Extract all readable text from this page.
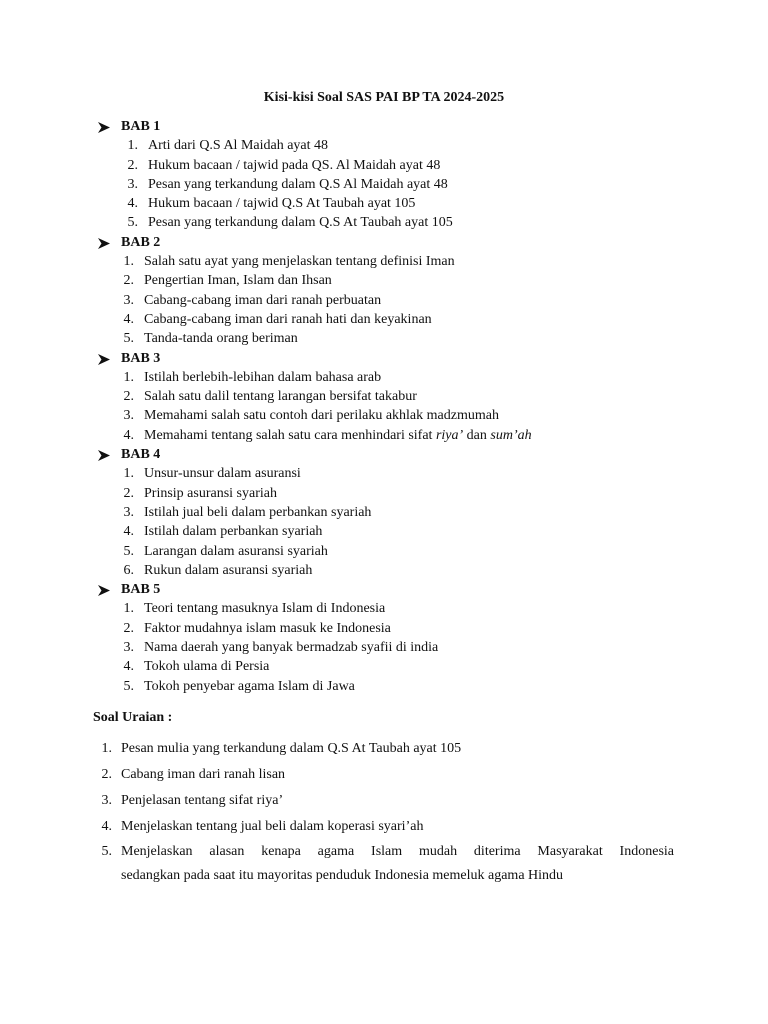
Kisi-kisi Soal SAS PAI BP TA 2024-2025
BAB 1
1. Arti dari Q.S Al Maidah ayat 48
2. Hukum bacaan / tajwid pada QS. Al Maidah ayat 48
3. Pesan yang terkandung dalam Q.S Al Maidah ayat 48
4. Hukum bacaan / tajwid Q.S At Taubah ayat 105
5. Pesan yang terkandung dalam Q.S At Taubah ayat 105
BAB 2
1. Salah satu ayat yang menjelaskan tentang definisi Iman
2. Pengertian Iman, Islam dan Ihsan
3. Cabang-cabang iman dari ranah perbuatan
4. Cabang-cabang iman dari ranah hati dan keyakinan
5. Tanda-tanda orang beriman
BAB 3
1. Istilah berlebih-lebihan dalam bahasa arab
2. Salah satu dalil tentang larangan bersifat takabur
3. Memahami salah satu contoh dari perilaku akhlak madzmumah
4. Memahami tentang salah satu cara menhindari sifat riya’ dan sum’ah
BAB 4
1. Unsur-unsur dalam asuransi
2. Prinsip asuransi syariah
3. Istilah jual beli dalam perbankan syariah
4. Istilah dalam perbankan syariah
5. Larangan dalam asuransi syariah
6. Rukun dalam asuransi syariah
BAB 5
1. Teori tentang masuknya Islam di Indonesia
2. Faktor mudahnya islam masuk ke Indonesia
3. Nama daerah yang banyak bermadzab syafii di india
4. Tokoh ulama di Persia
5. Tokoh penyebar agama Islam di Jawa
Soal Uraian :
1. Pesan mulia yang terkandung dalam Q.S At Taubah ayat 105
2. Cabang iman dari ranah lisan
3. Penjelasan tentang sifat riya’
4. Menjelaskan tentang jual beli dalam koperasi syari’ah
5. Menjelaskan alasan kenapa agama Islam mudah diterima Masyarakat Indonesia
sedangkan pada saat itu mayoritas penduduk Indonesia memeluk agama Hindu
